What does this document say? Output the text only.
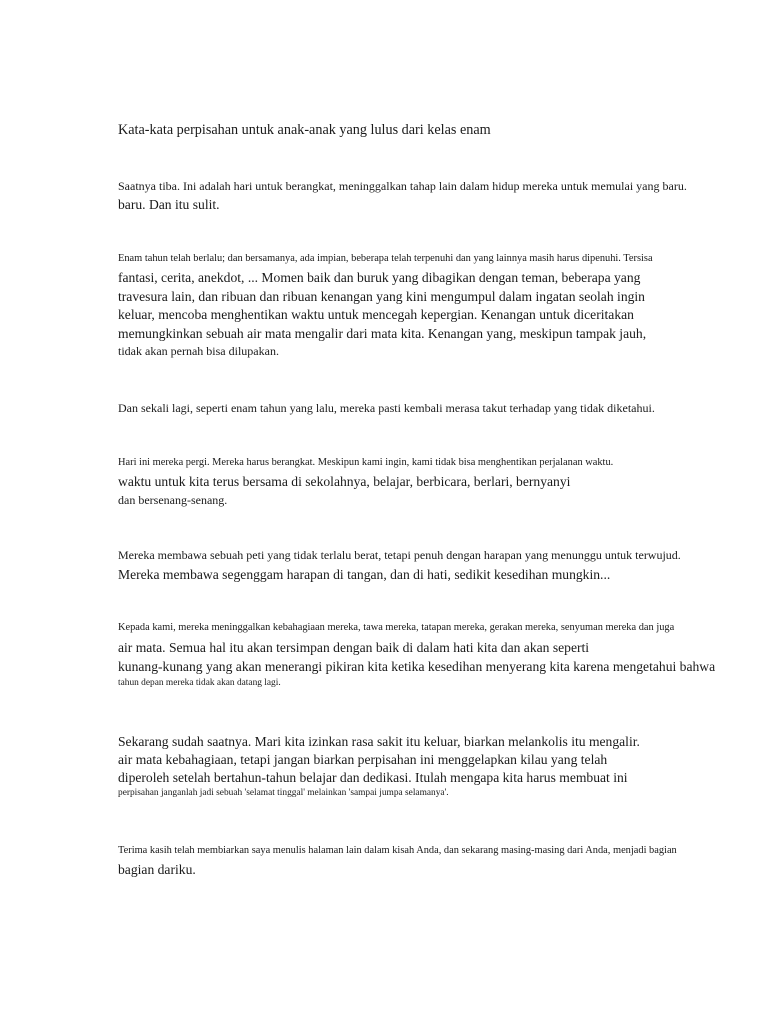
Kata-kata perpisahan untuk anak-anak yang lulus dari kelas enam
Saatnya tiba. Ini adalah hari untuk berangkat, meninggalkan tahap lain dalam hidup mereka untuk memulai yang baru.
baru. Dan itu sulit.
Enam tahun telah berlalu; dan bersamanya, ada impian, beberapa telah terpenuhi dan yang lainnya masih harus dipenuhi. Tersisa
fantasi, cerita, anekdot, ... Momen baik dan buruk yang dibagikan dengan teman, beberapa yang
travesura lain, dan ribuan dan ribuan kenangan yang kini mengumpul dalam ingatan seolah ingin
keluar, mencoba menghentikan waktu untuk mencegah kepergian. Kenangan untuk diceritakan
memungkinkan sebuah air mata mengalir dari mata kita. Kenangan yang, meskipun tampak jauh,
tidak akan pernah bisa dilupakan.
Dan sekali lagi, seperti enam tahun yang lalu, mereka pasti kembali merasa takut terhadap yang tidak diketahui.
Hari ini mereka pergi. Mereka harus berangkat. Meskipun kami ingin, kami tidak bisa menghentikan perjalanan waktu.
waktu untuk kita terus bersama di sekolahnya, belajar, berbicara, berlari, bernyanyi
dan bersenang-senang.
Mereka membawa sebuah peti yang tidak terlalu berat, tetapi penuh dengan harapan yang menunggu untuk terwujud.
Mereka membawa segenggam harapan di tangan, dan di hati, sedikit kesedihan mungkin...
Kepada kami, mereka meninggalkan kebahagiaan mereka, tawa mereka, tatapan mereka, gerakan mereka, senyuman mereka dan juga
air mata. Semua hal itu akan tersimpan dengan baik di dalam hati kita dan akan seperti
kunang-kunang yang akan menerangi pikiran kita ketika kesedihan menyerang kita karena mengetahui bahwa
tahun depan mereka tidak akan datang lagi.
Sekarang sudah saatnya. Mari kita izinkan rasa sakit itu keluar, biarkan melankolis itu mengalir.
air mata kebahagiaan, tetapi jangan biarkan perpisahan ini menggelapkan kilau yang telah
diperoleh setelah bertahun-tahun belajar dan dedikasi. Itulah mengapa kita harus membuat ini
perpisahan janganlah jadi sebuah 'selamat tinggal' melainkan 'sampai jumpa selamanya'.
Terima kasih telah membiarkan saya menulis halaman lain dalam kisah Anda, dan sekarang masing-masing dari Anda, menjadi bagian
bagian dariku.
